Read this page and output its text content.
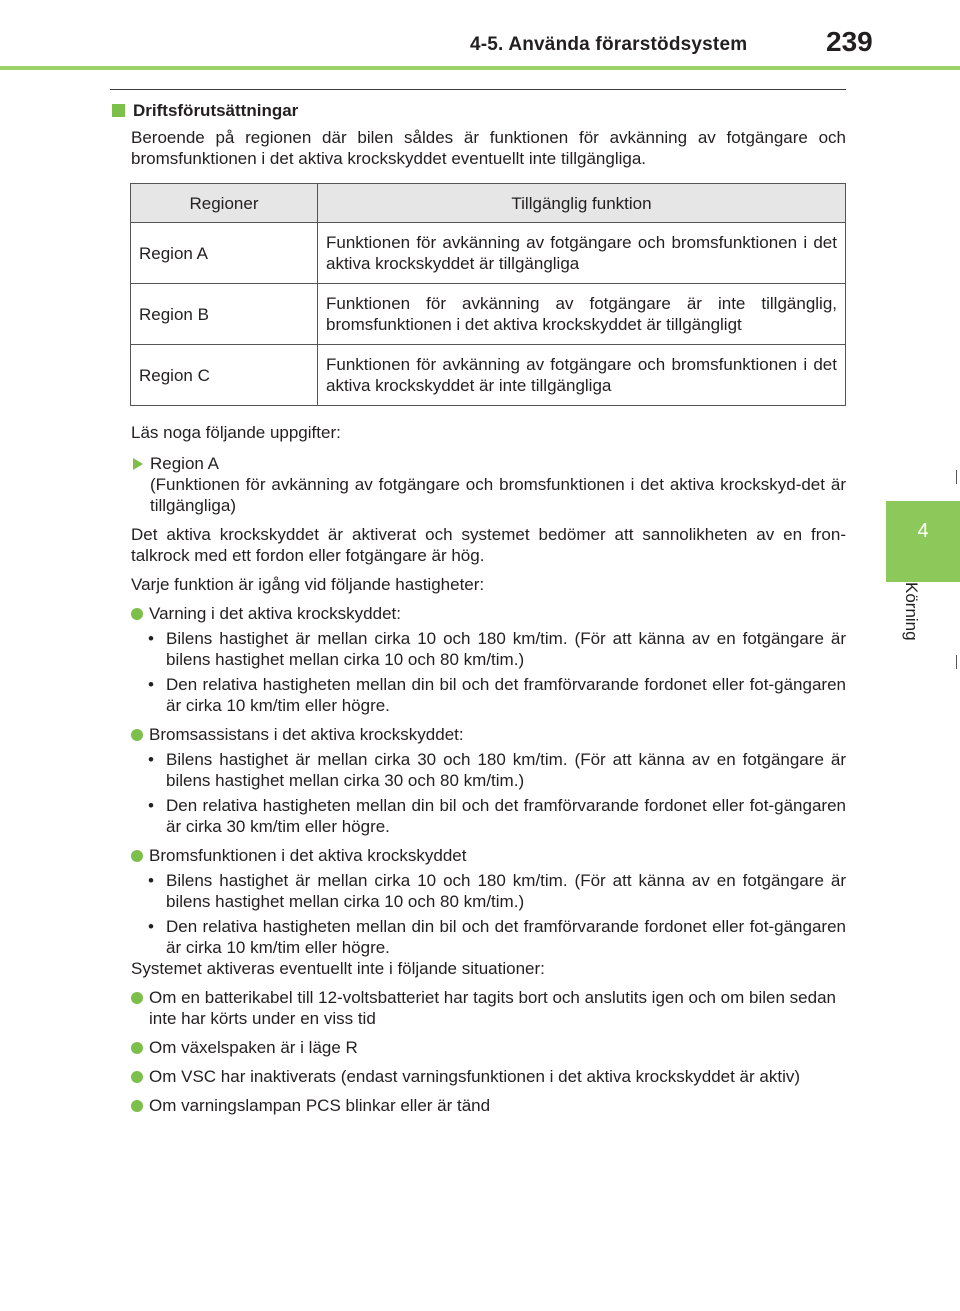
4-5. Använda förarstödsystem	239
4
Körning
Driftsförutsättningar

Beroende på regionen där bilen såldes är funktionen för avkänning av fotgängare och bromsfunktionen i det aktiva krockskyddet eventuellt inte tillgängliga.

Regioner	Tillgänglig funktion
Region A	Funktionen för avkänning av fotgängare och bromsfunktionen i det aktiva krockskyddet är tillgängliga
Region B	Funktionen för avkänning av fotgängare är inte tillgänglig, bromsfunktionen i det aktiva krockskyddet är tillgängligt
Region C	Funktionen för avkänning av fotgängare och bromsfunktionen i det aktiva krockskyddet är inte tillgängliga

Läs noga följande uppgifter:

Region A
(Funktionen för avkänning av fotgängare och bromsfunktionen i det aktiva krockskyd-det är tillgängliga)

Det aktiva krockskyddet är aktiverat och systemet bedömer att sannolikheten av en fron-talkrock med ett fordon eller fotgängare är hög.

Varje funktion är igång vid följande hastigheter:

Varning i det aktiva krockskyddet:
• Bilens hastighet är mellan cirka 10 och 180 km/tim. (För att känna av en fotgängare är bilens hastighet mellan cirka 10 och 80 km/tim.)
• Den relativa hastigheten mellan din bil och det framförvarande fordonet eller fot-gängaren är cirka 10 km/tim eller högre.
Bromsassistans i det aktiva krockskyddet:
• Bilens hastighet är mellan cirka 30 och 180 km/tim. (För att känna av en fotgängare är bilens hastighet mellan cirka 30 och 80 km/tim.)
• Den relativa hastigheten mellan din bil och det framförvarande fordonet eller fot-gängaren är cirka 30 km/tim eller högre.
Bromsfunktionen i det aktiva krockskyddet
• Bilens hastighet är mellan cirka 10 och 180 km/tim. (För att känna av en fotgängare är bilens hastighet mellan cirka 10 och 80 km/tim.)
• Den relativa hastigheten mellan din bil och det framförvarande fordonet eller fot-gängaren är cirka 10 km/tim eller högre.

Systemet aktiveras eventuellt inte i följande situationer:

Om en batterikabel till 12-voltsbatteriet har tagits bort och anslutits igen och om bilen sedan inte har körts under en viss tid
Om växelspaken är i läge R
Om VSC har inaktiverats (endast varningsfunktionen i det aktiva krockskyddet är aktiv)
Om varningslampan PCS blinkar eller är tänd
